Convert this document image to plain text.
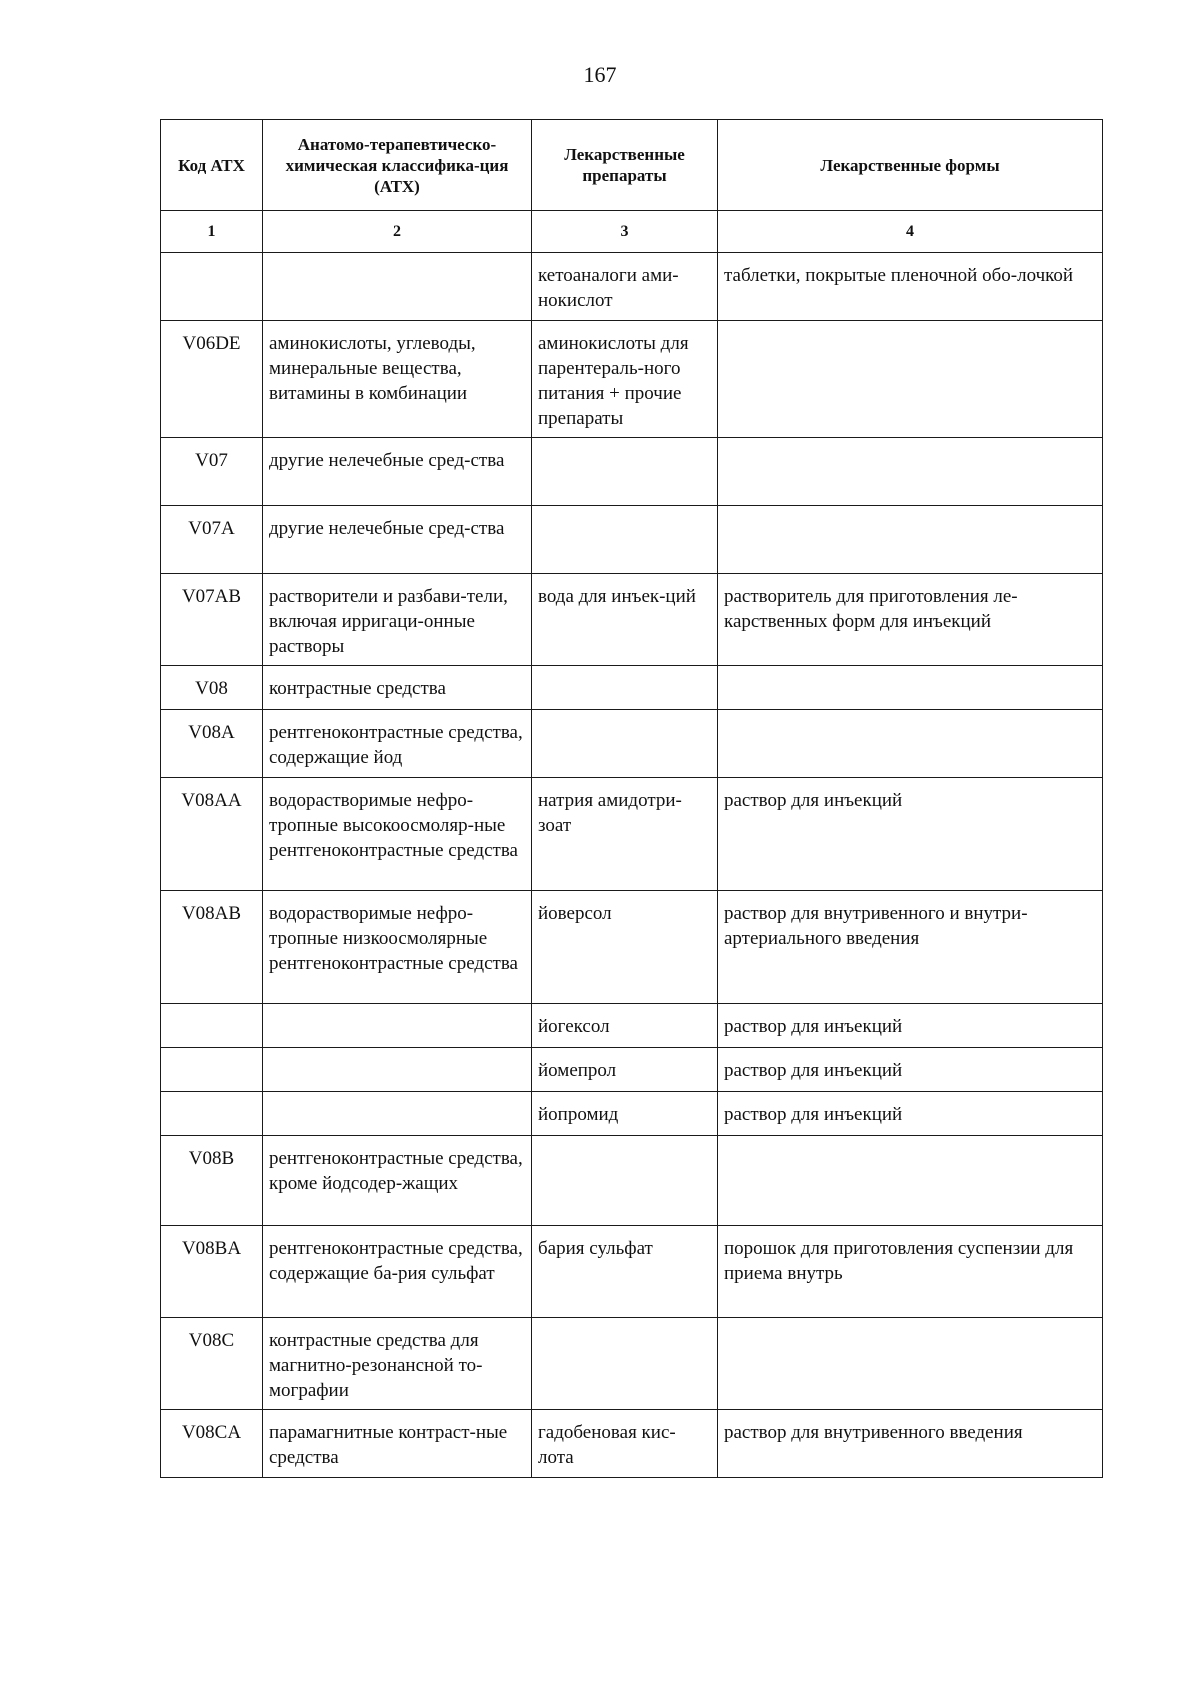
167
Код АТХ	Анатомо-терапевтическо-химическая классифика-ция (АТХ)	Лекарственные препараты	Лекарственные формы
1	2	3	4
		кетоаналоги ами-нокислот	таблетки, покрытые пленочной обо-лочкой
V06DE	аминокислоты, углеводы, минеральные вещества, витамины в комбинации	аминокислоты для парентераль-ного питания + прочие препараты	
V07	другие нелечебные сред-ства		
V07A	другие нелечебные сред-ства		
V07AB	растворители и разбави-тели, включая ирригаци-онные растворы	вода для инъек-ций	растворитель для приготовления ле-карственных форм для инъекций
V08	контрастные средства		
V08A	рентгеноконтрастные средства, содержащие йод		
V08AA	водорастворимые нефро-тропные высокоосмоляр-ные рентгеноконтрастные средства	натрия амидотри-зоат	раствор для инъекций
V08AB	водорастворимые нефро-тропные низкоосмолярные рентгеноконтрастные средства	йоверсол	раствор для внутривенного и внутри-артериального введения
		йогексол	раствор для инъекций
		йомепрол	раствор для инъекций
		йопромид	раствор для инъекций
V08B	рентгеноконтрастные средства, кроме йодсодер-жащих		
V08BA	рентгеноконтрастные средства, содержащие ба-рия сульфат	бария сульфат	порошок для приготовления суспензии для приема внутрь
V08C	контрастные средства для магнитно-резонансной то-мографии		
V08CA	парамагнитные контраст-ные средства	гадобеновая кис-лота	раствор для внутривенного введения
